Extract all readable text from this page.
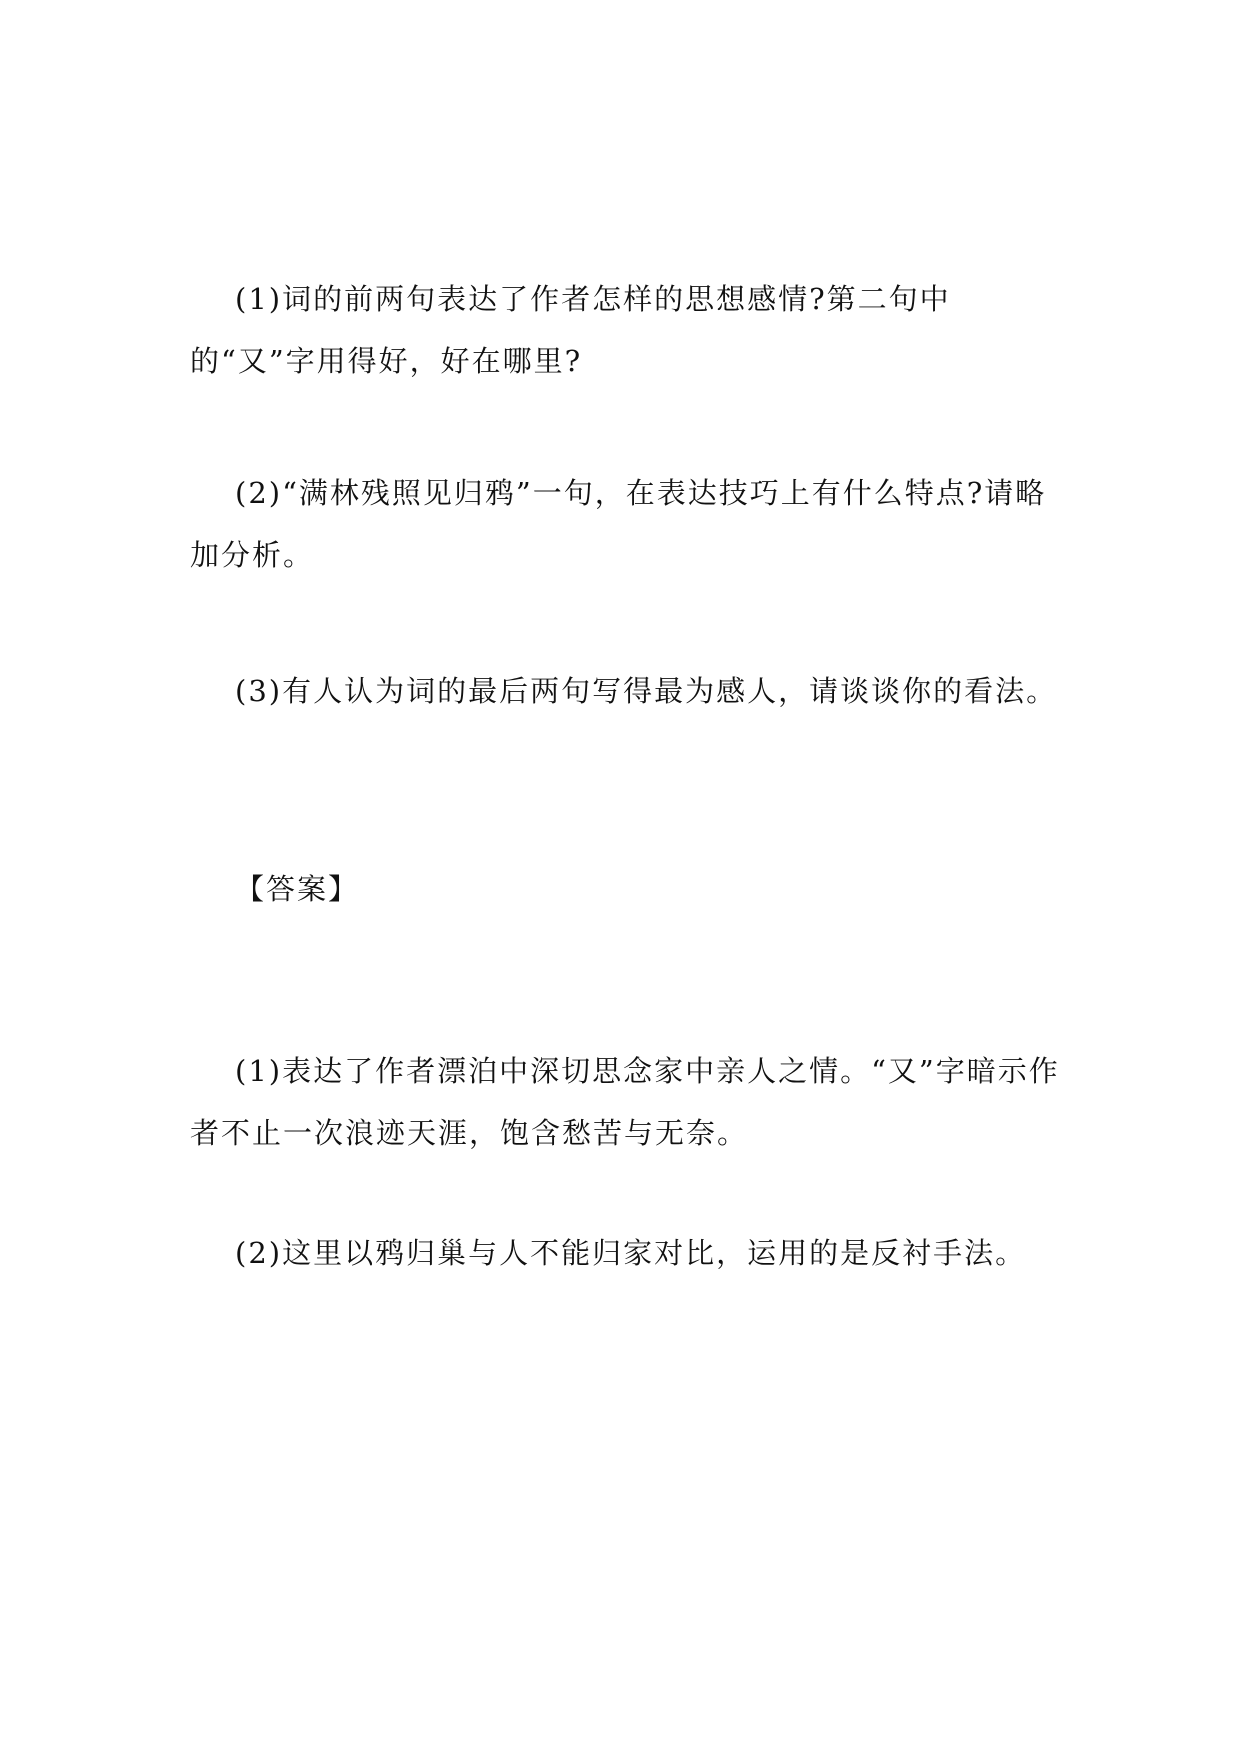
(1)词的前两句表达了作者怎样的思想感情?第二句中的“又”字用得好，好在哪里?

(2)“满林残照见归鸦”一句，在表达技巧上有什么特点?请略加分析。

(3)有人认为词的最后两句写得最为感人，请谈谈你的看法。

【答案】

(1)表达了作者漂泊中深切思念家中亲人之情。“又”字暗示作者不止一次浪迹天涯，饱含愁苦与无奈。

(2)这里以鸦归巢与人不能归家对比，运用的是反衬手法。
